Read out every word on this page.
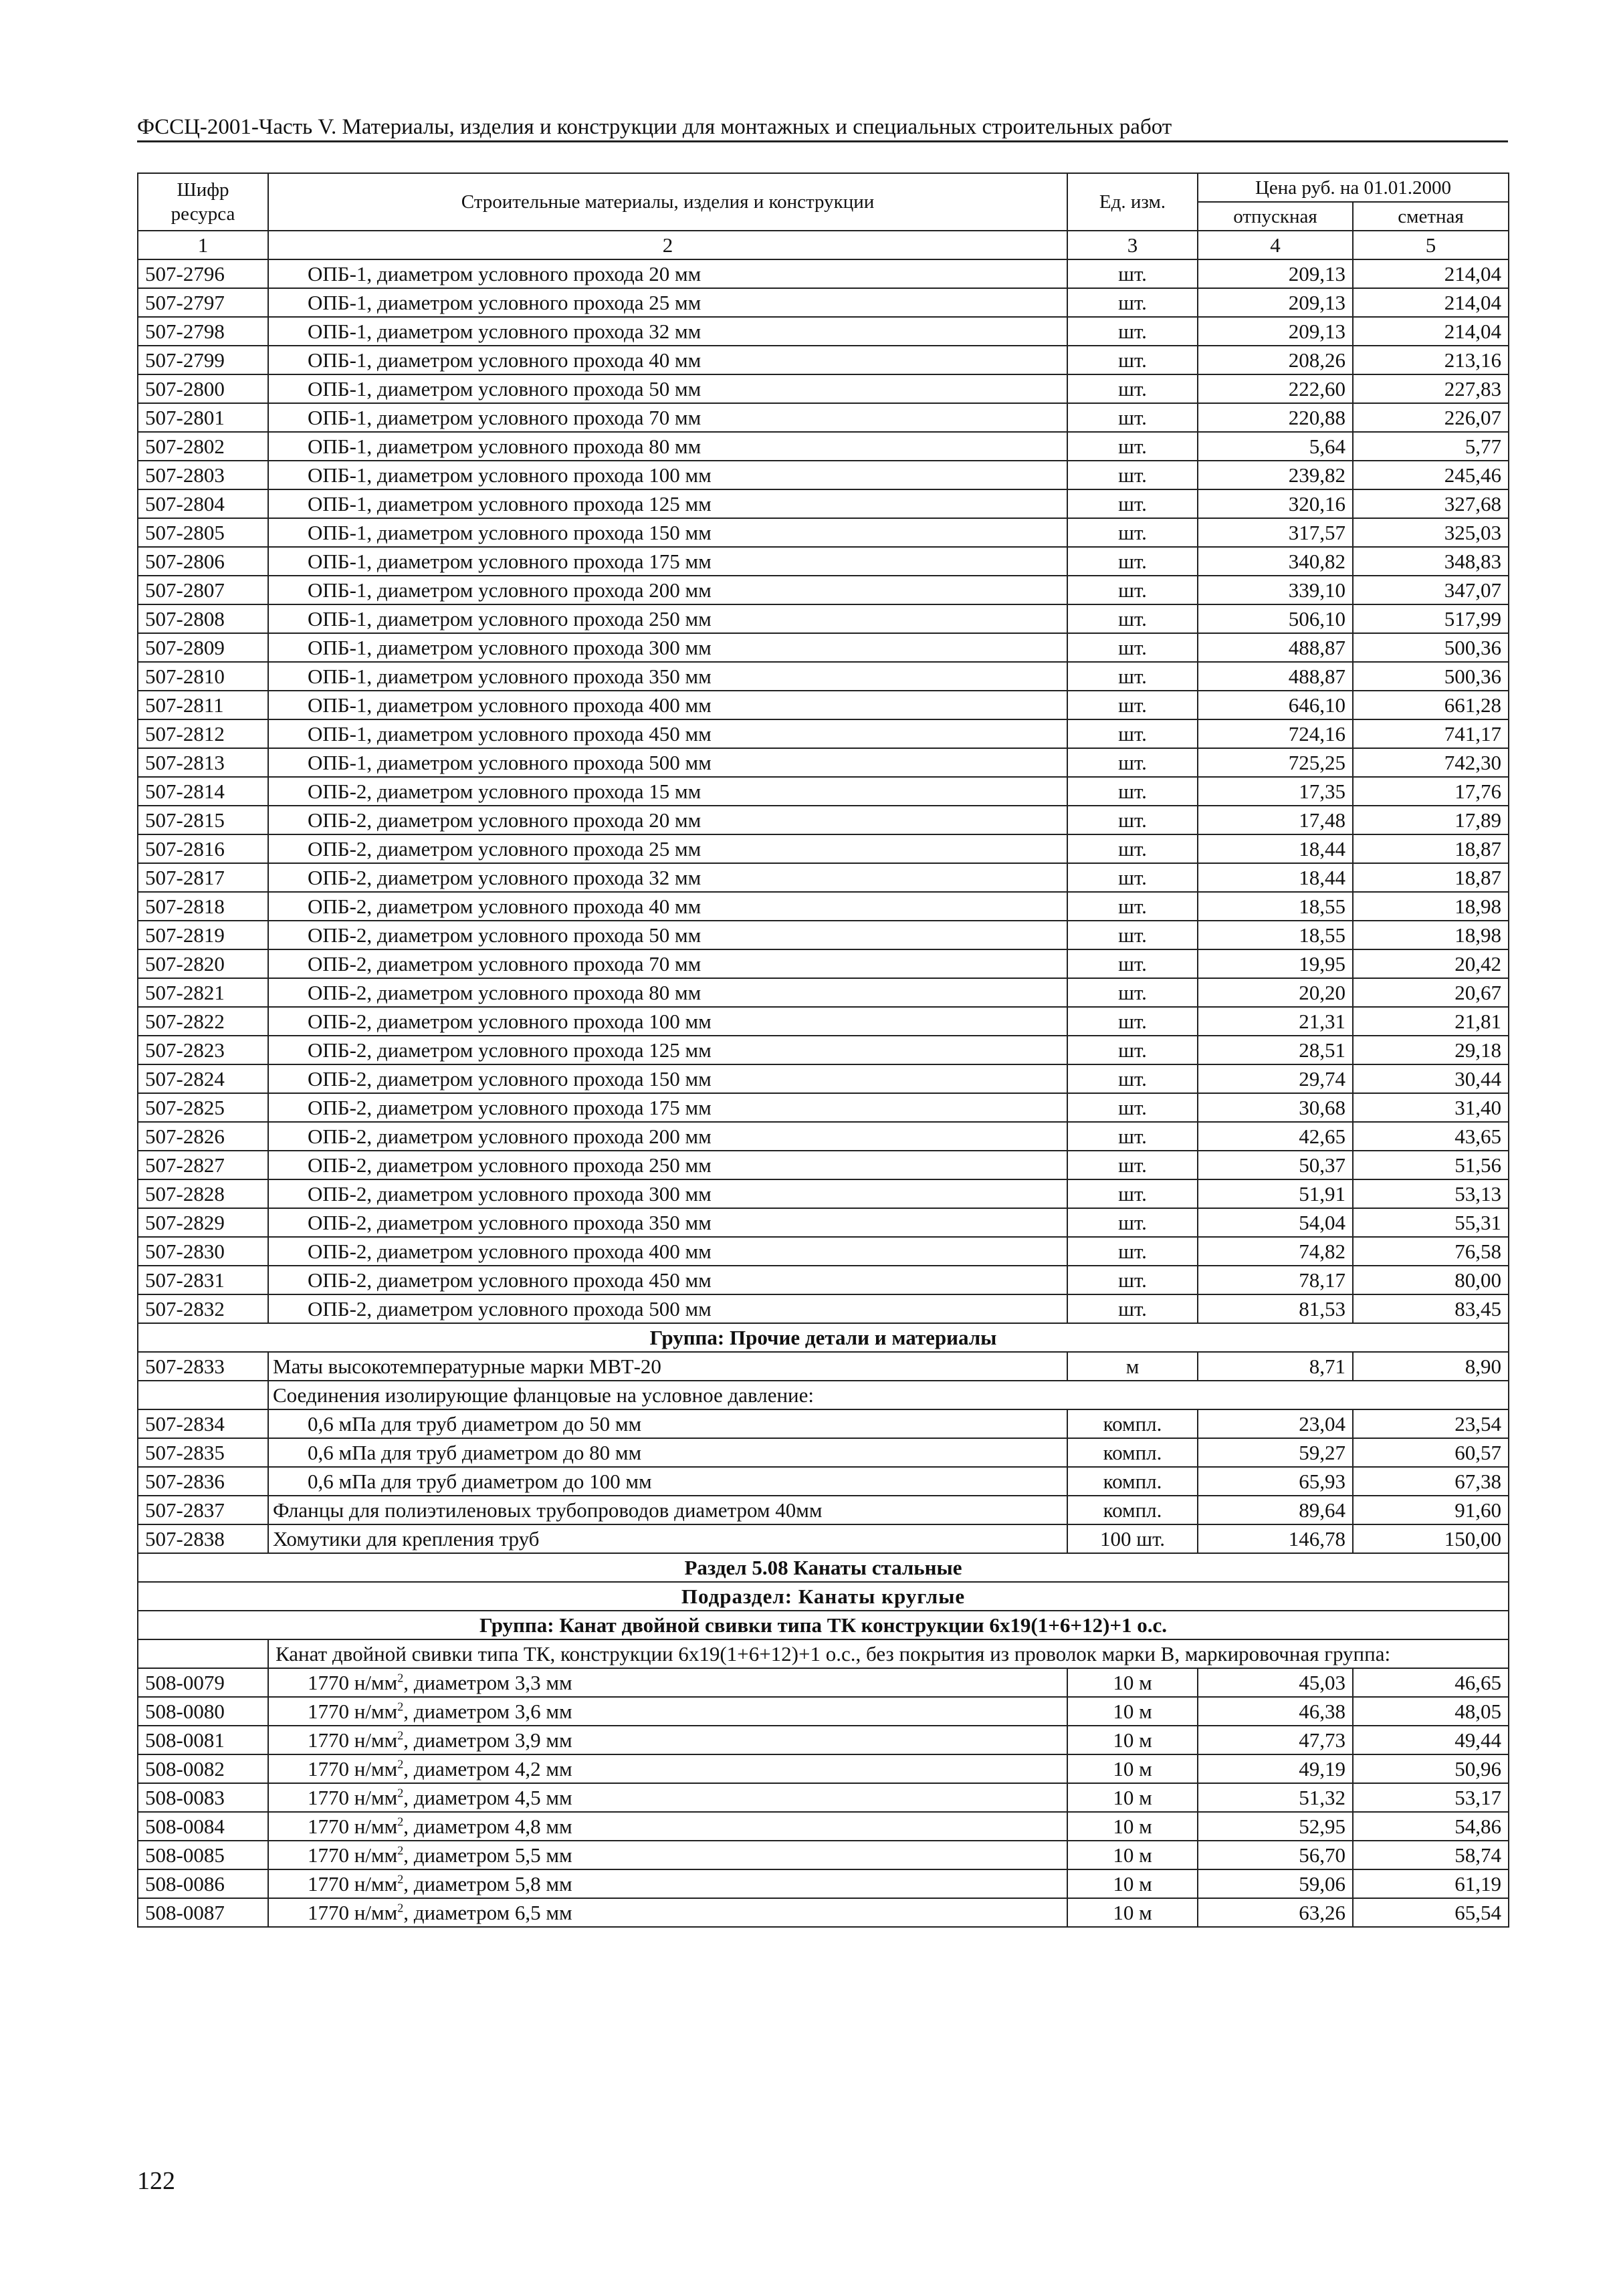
ФССЦ-2001-Часть V. Материалы, изделия и конструкции для монтажных и специальных строительных работ
Шифр ресурса	Строительные материалы, изделия и конструкции	Ед. изм.	Цена руб. на 01.01.2000	
			отпускная	сметная
1	2	3	4	5
507-2796	ОПБ-1, диаметром условного прохода 20 мм	шт.	209,13	214,04
507-2797	ОПБ-1, диаметром условного прохода 25 мм	шт.	209,13	214,04
507-2798	ОПБ-1, диаметром условного прохода 32 мм	шт.	209,13	214,04
507-2799	ОПБ-1, диаметром условного прохода 40 мм	шт.	208,26	213,16
507-2800	ОПБ-1, диаметром условного прохода 50 мм	шт.	222,60	227,83
507-2801	ОПБ-1, диаметром условного прохода 70 мм	шт.	220,88	226,07
507-2802	ОПБ-1, диаметром условного прохода 80 мм	шт.	5,64	5,77
507-2803	ОПБ-1, диаметром условного прохода 100 мм	шт.	239,82	245,46
507-2804	ОПБ-1, диаметром условного прохода 125 мм	шт.	320,16	327,68
507-2805	ОПБ-1, диаметром условного прохода 150 мм	шт.	317,57	325,03
507-2806	ОПБ-1, диаметром условного прохода 175 мм	шт.	340,82	348,83
507-2807	ОПБ-1, диаметром условного прохода 200 мм	шт.	339,10	347,07
507-2808	ОПБ-1, диаметром условного прохода 250 мм	шт.	506,10	517,99
507-2809	ОПБ-1, диаметром условного прохода 300 мм	шт.	488,87	500,36
507-2810	ОПБ-1, диаметром условного прохода 350 мм	шт.	488,87	500,36
507-2811	ОПБ-1, диаметром условного прохода 400 мм	шт.	646,10	661,28
507-2812	ОПБ-1, диаметром условного прохода 450 мм	шт.	724,16	741,17
507-2813	ОПБ-1, диаметром условного прохода 500 мм	шт.	725,25	742,30
507-2814	ОПБ-2, диаметром условного прохода 15 мм	шт.	17,35	17,76
507-2815	ОПБ-2, диаметром условного прохода 20 мм	шт.	17,48	17,89
507-2816	ОПБ-2, диаметром условного прохода 25 мм	шт.	18,44	18,87
507-2817	ОПБ-2, диаметром условного прохода 32 мм	шт.	18,44	18,87
507-2818	ОПБ-2, диаметром условного прохода 40 мм	шт.	18,55	18,98
507-2819	ОПБ-2, диаметром условного прохода 50 мм	шт.	18,55	18,98
507-2820	ОПБ-2, диаметром условного прохода 70 мм	шт.	19,95	20,42
507-2821	ОПБ-2, диаметром условного прохода 80 мм	шт.	20,20	20,67
507-2822	ОПБ-2, диаметром условного прохода 100 мм	шт.	21,31	21,81
507-2823	ОПБ-2, диаметром условного прохода 125 мм	шт.	28,51	29,18
507-2824	ОПБ-2, диаметром условного прохода 150 мм	шт.	29,74	30,44
507-2825	ОПБ-2, диаметром условного прохода 175 мм	шт.	30,68	31,40
507-2826	ОПБ-2, диаметром условного прохода 200 мм	шт.	42,65	43,65
507-2827	ОПБ-2, диаметром условного прохода 250 мм	шт.	50,37	51,56
507-2828	ОПБ-2, диаметром условного прохода 300 мм	шт.	51,91	53,13
507-2829	ОПБ-2, диаметром условного прохода 350 мм	шт.	54,04	55,31
507-2830	ОПБ-2, диаметром условного прохода 400 мм	шт.	74,82	76,58
507-2831	ОПБ-2, диаметром условного прохода 450 мм	шт.	78,17	80,00
507-2832	ОПБ-2, диаметром условного прохода 500 мм	шт.	81,53	83,45
Группа: Прочие детали и материалы				
507-2833	Маты высокотемпературные марки МВТ-20	м	8,71	8,90
	Соединения изолирующие фланцовые на условное давление:			
507-2834	0,6 мПа для труб диаметром до 50 мм	компл.	23,04	23,54
507-2835	0,6 мПа для труб диаметром до 80 мм	компл.	59,27	60,57
507-2836	0,6 мПа для труб диаметром до 100 мм	компл.	65,93	67,38
507-2837	Фланцы для полиэтиленовых трубопроводов диаметром 40мм	компл.	89,64	91,60
507-2838	Хомутики для крепления труб	100 шт.	146,78	150,00
Раздел 5.08 Канаты стальные				
Подраздел: Канаты круглые				
Группа: Канат двойной свивки типа ТК конструкции 6х19(1+6+12)+1 о.с.				
	Канат двойной свивки типа ТК, конструкции 6х19(1+6+12)+1 о.с., без покрытия из проволок марки В, маркировочная группа:			
508-0079	1770 $н/мм^2$, диаметром 3,3 мм	10 м	45,03	46,65
508-0080	1770 $н/мм^2$, диаметром 3,6 мм	10 м	46,38	48,05
508-0081	1770 $н/мм^2$, диаметром 3,9 мм	10 м	47,73	49,44
508-0082	1770 $н/мм^2$, диаметром 4,2 мм	10 м	49,19	50,96
508-0083	1770 $н/мм^2$, диаметром 4,5 мм	10 м	51,32	53,17
508-0084	1770 $н/мм^2$, диаметром 4,8 мм	10 м	52,95	54,86
508-0085	1770 $н/мм^2$, диаметром 5,5 мм	10 м	56,70	58,74
508-0086	1770 $н/мм^2$, диаметром 5,8 мм	10 м	59,06	61,19
508-0087	1770 $н/мм^2$, диаметром 6,5 мм	10 м	63,26	65,54
122
